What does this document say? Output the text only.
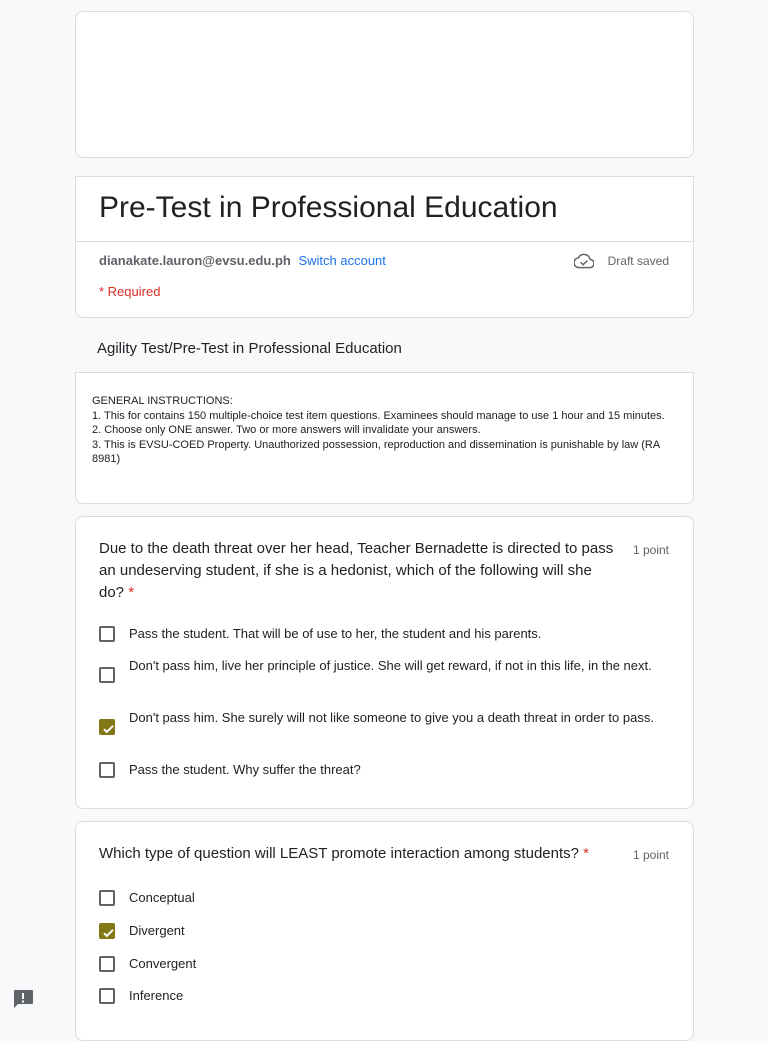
Pre-Test in Professional Education
dianakate.lauron@evsu.edu.ph Switch account	Draft saved
* Required
Agility Test/Pre-Test in Professional Education
GENERAL INSTRUCTIONS:
1. This for contains 150 multiple-choice test item questions. Examinees should manage to use 1 hour and 15 minutes.
2. Choose only ONE answer. Two or more answers will invalidate your answers.
3. This is EVSU-COED Property. Unauthorized possession, reproduction and dissemination is punishable by law (RA 8981)
Due to the death threat over her head, Teacher Bernadette is directed to pass an undeserving student, if she is a hedonist, which of the following will she do? *
1 point
Pass the student. That will be of use to her, the student and his parents.
Don't pass him, live her principle of justice. She will get reward, if not in this life, in the next.
Don't pass him. She surely will not like someone to give you a death threat in order to pass.
Pass the student. Why suffer the threat?
Which type of question will LEAST promote interaction among students? *	1 point
Conceptual
Divergent
Convergent
Inference
